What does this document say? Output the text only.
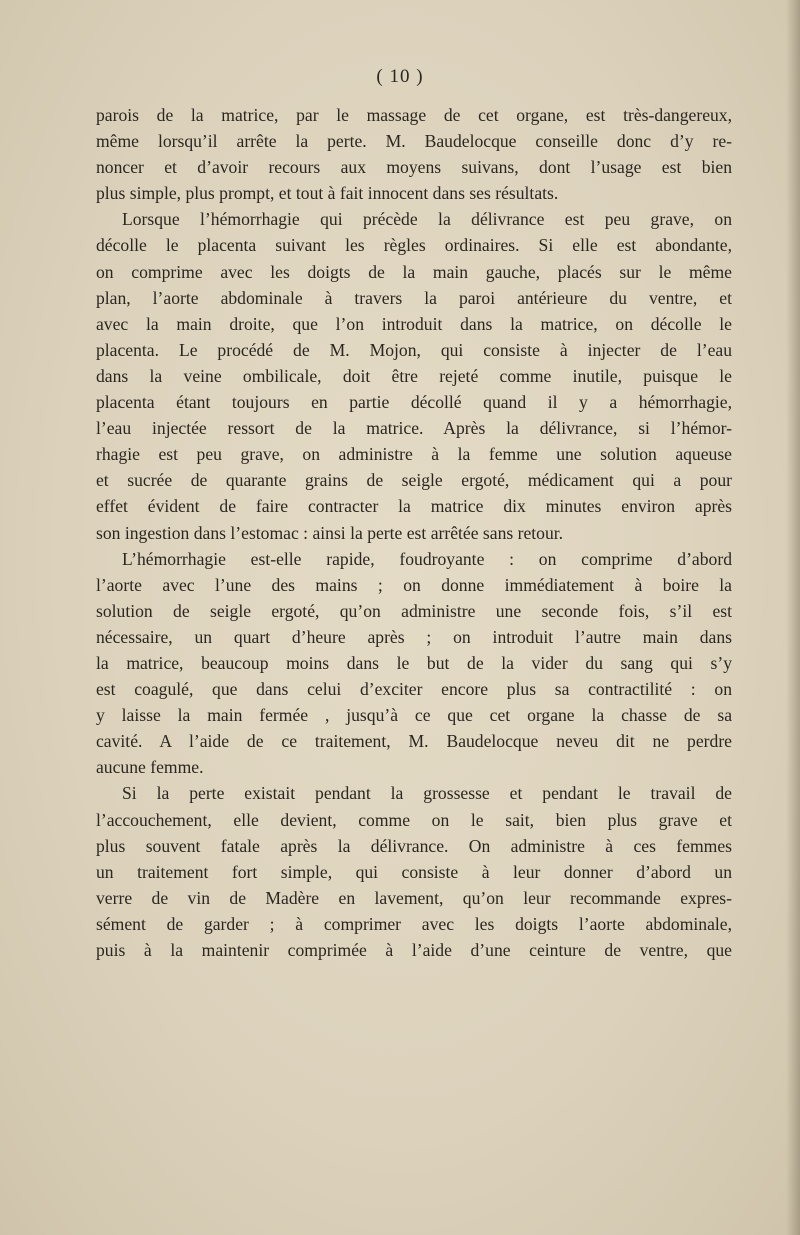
( 10 )
parois de la matrice, par le massage de cet organe, est très-dangereux,
même lorsqu’il arrête la perte. M. Baudelocque conseille donc d’y re-
noncer et d’avoir recours aux moyens suivans, dont l’usage est bien
plus simple, plus prompt, et tout à fait innocent dans ses résultats.
Lorsque l’hémorrhagie qui précède la délivrance est peu grave, on
décolle le placenta suivant les règles ordinaires. Si elle est abondante,
on comprime avec les doigts de la main gauche, placés sur le même
plan, l’aorte abdominale à travers la paroi antérieure du ventre, et
avec la main droite, que l’on introduit dans la matrice, on décolle le
placenta. Le procédé de M. Mojon, qui consiste à injecter de l’eau
dans la veine ombilicale, doit être rejeté comme inutile, puisque le
placenta étant toujours en partie décollé quand il y a hémorrhagie,
l’eau injectée ressort de la matrice. Après la délivrance, si l’hémor-
rhagie est peu grave, on administre à la femme une solution aqueuse
et sucrée de quarante grains de seigle ergoté, médicament qui a pour
effet évident de faire contracter la matrice dix minutes environ après
son ingestion dans l’estomac : ainsi la perte est arrêtée sans retour.
L’hémorrhagie est-elle rapide, foudroyante : on comprime d’abord
l’aorte avec l’une des mains ; on donne immédiatement à boire la
solution de seigle ergoté, qu’on administre une seconde fois, s’il est
nécessaire, un quart d’heure après ; on introduit l’autre main dans
la matrice, beaucoup moins dans le but de la vider du sang qui s’y
est coagulé, que dans celui d’exciter encore plus sa contractilité : on
y laisse la main fermée , jusqu’à ce que cet organe la chasse de sa
cavité. A l’aide de ce traitement, M. Baudelocque neveu dit ne perdre
aucune femme.
Si la perte existait pendant la grossesse et pendant le travail de
l’accouchement, elle devient, comme on le sait, bien plus grave et
plus souvent fatale après la délivrance. On administre à ces femmes
un traitement fort simple, qui consiste à leur donner d’abord un
verre de vin de Madère en lavement, qu’on leur recommande expres-
sément de garder ; à comprimer avec les doigts l’aorte abdominale,
puis à la maintenir comprimée à l’aide d’une ceinture de ventre, que
